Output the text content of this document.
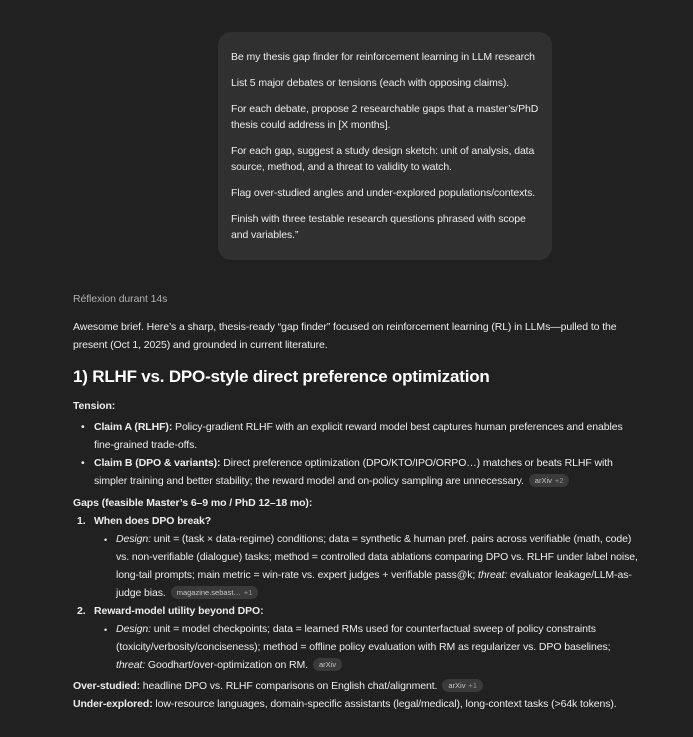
Be my thesis gap finder for reinforcement learning in LLM research

List 5 major debates or tensions (each with opposing claims).

For each debate, propose 2 researchable gaps that a master’s/PhD thesis could address in [X months].

For each gap, suggest a study design sketch: unit of analysis, data source, method, and a threat to validity to watch.

Flag over-studied angles and under-explored populations/contexts.

Finish with three testable research questions phrased with scope and variables.”

Réflexion durant 14s

Awesome brief. Here’s a sharp, thesis-ready “gap finder” focused on reinforcement learning (RL) in LLMs—pulled to the present (Oct 1, 2025) and grounded in current literature.

1) RLHF vs. DPO-style direct preference optimization

Tension:

• Claim A (RLHF): Policy-gradient RLHF with an explicit reward model best captures human preferences and enables fine-grained trade-offs.
• Claim B (DPO & variants): Direct preference optimization (DPO/KTO/IPO/ORPO…) matches or beats RLHF with simpler training and better stability; the reward model and on-policy sampling are unnecessary. arXiv +2

Gaps (feasible Master’s 6–9 mo / PhD 12–18 mo):

1. When does DPO break?
• Design: unit = (task × data-regime) conditions; data = synthetic & human pref. pairs across verifiable (math, code) vs. non-verifiable (dialogue) tasks; method = controlled data ablations comparing DPO vs. RLHF under label noise, long-tail prompts; main metric = win-rate vs. expert judges + verifiable pass@k; threat: evaluator leakage/LLM-as-judge bias. magazine.sebast… +1
2. Reward-model utility beyond DPO:
• Design: unit = model checkpoints; data = learned RMs used for counterfactual sweep of policy constraints (toxicity/verbosity/conciseness); method = offline policy evaluation with RM as regularizer vs. DPO baselines; threat: Goodhart/over-optimization on RM. arXiv

Over-studied: headline DPO vs. RLHF comparisons on English chat/alignment. arXiv +1

Under-explored: low-resource languages, domain-specific assistants (legal/medical), long-context tasks (>64k tokens).
